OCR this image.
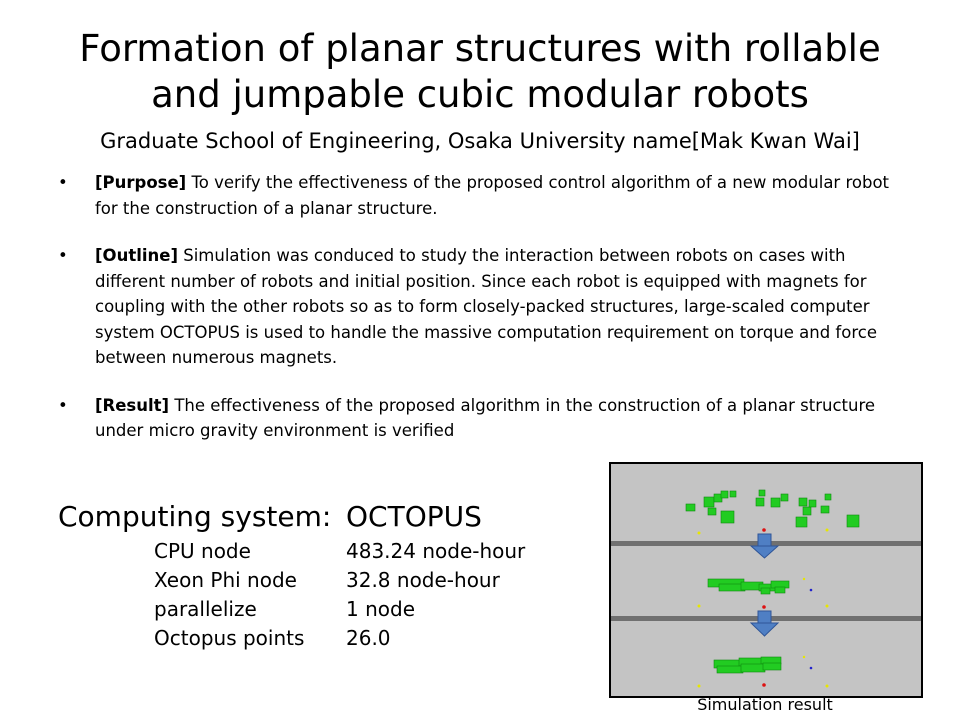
Formation of planar structures with rollable
and jumpable cubic modular robots
Graduate School of Engineering, Osaka University name[Mak Kwan Wai]
• [Purpose] To verify the effectiveness of the proposed control algorithm of a new modular robot for the construction of a planar structure.
• [Outline] Simulation was conduced to study the interaction between robots on cases with different number of robots and initial position. Since each robot is equipped with magnets for coupling with the other robots so as to form closely-packed structures, large-scaled computer system OCTOPUS is used to handle the massive computation requirement on torque and force between numerous magnets.
• [Result] The effectiveness of the proposed algorithm in the construction of a planar structure under micro gravity environment is verified
Computing system: OCTOPUS
CPU node	483.24 node-hour
Xeon Phi node 32.8 node-hour
parallelize	1 node
Octopus points 26.0
Simulation result
